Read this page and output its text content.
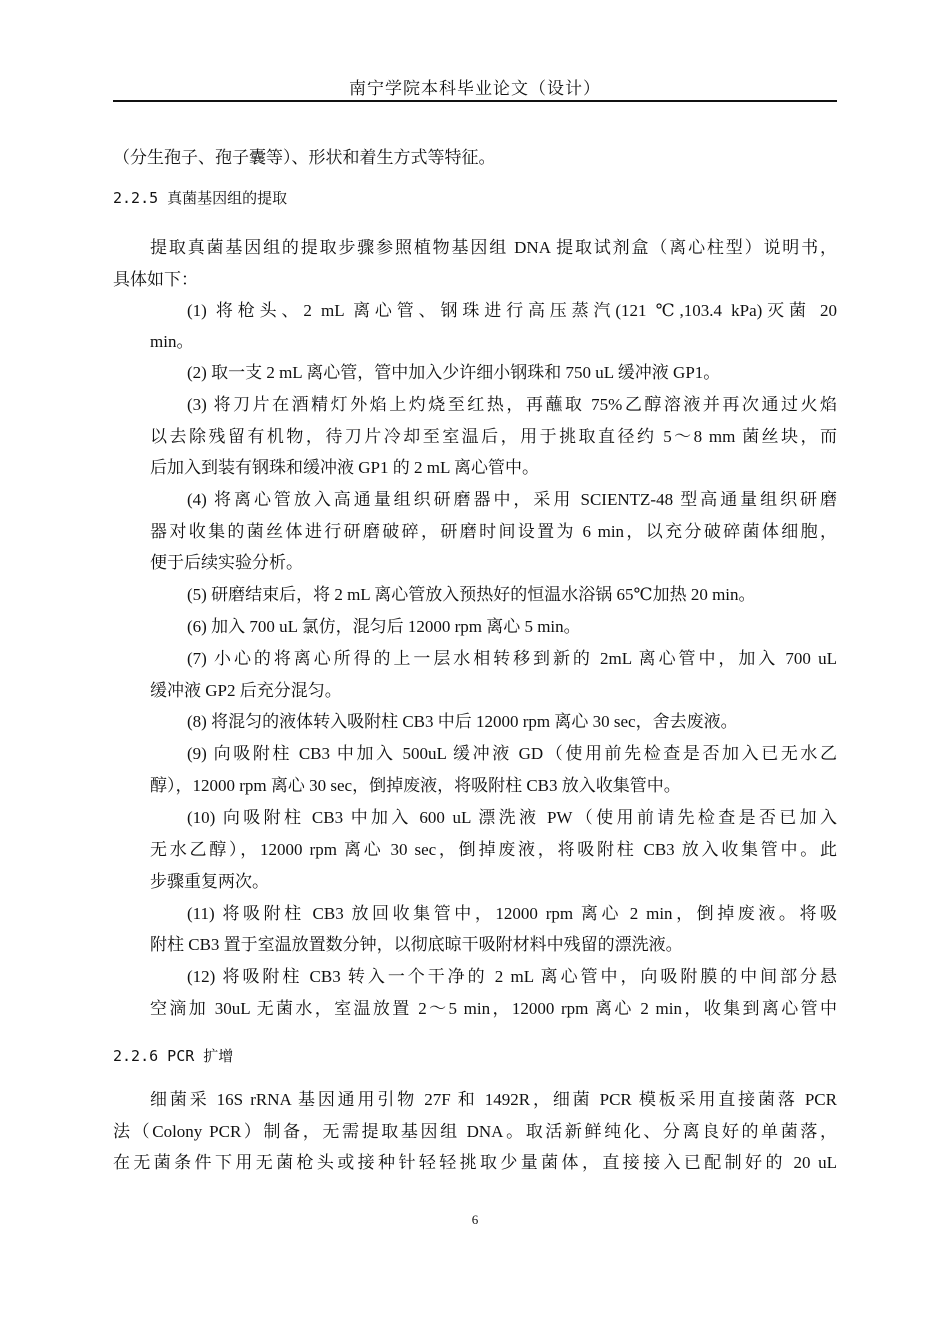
南宁学院本科毕业论文（设计）
（分生孢子、孢子囊等）、形状和着生方式等特征。
2.2.5 真菌基因组的提取
提取真菌基因组的提取步骤参照植物基因组 DNA 提取试剂盒（离心柱型）说明书，
具体如下：
(1) 将枪头、2 mL 离心管、钢珠进行高压蒸汽(121 ℃,103.4 kPa)灭菌 20
min。
(2) 取一支 2 mL 离心管，管中加入少许细小钢珠和 750 uL 缓冲液 GP1。
(3) 将刀片在酒精灯外焰上灼烧至红热，再蘸取 75%乙醇溶液并再次通过火焰
以去除残留有机物，待刀片冷却至室温后，用于挑取直径约 5～8 mm 菌丝块，而
后加入到装有钢珠和缓冲液 GP1 的 2 mL 离心管中。
(4) 将离心管放入高通量组织研磨器中，采用 SCIENTZ-48 型高通量组织研磨
器对收集的菌丝体进行研磨破碎，研磨时间设置为 6 min，以充分破碎菌体细胞，
便于后续实验分析。
(5) 研磨结束后，将 2 mL 离心管放入预热好的恒温水浴锅 65℃加热 20 min。
(6) 加入 700 uL 氯仿，混匀后 12000 rpm 离心 5 min。
(7) 小心的将离心所得的上一层水相转移到新的 2mL 离心管中，加入 700 uL
缓冲液 GP2 后充分混匀。
(8) 将混匀的液体转入吸附柱 CB3 中后 12000 rpm 离心 30 sec，舍去废液。
(9) 向吸附柱 CB3 中加入 500uL 缓冲液 GD（使用前先检查是否加入已无水乙
醇），12000 rpm 离心 30 sec，倒掉废液，将吸附柱 CB3 放入收集管中。
(10) 向吸附柱 CB3 中加入 600 uL 漂洗液 PW（使用前请先检查是否已加入
无水乙醇），12000 rpm 离心 30 sec，倒掉废液，将吸附柱 CB3 放入收集管中。此
步骤重复两次。
(11) 将吸附柱 CB3 放回收集管中，12000 rpm 离心 2 min，倒掉废液。将吸
附柱 CB3 置于室温放置数分钟，以彻底晾干吸附材料中残留的漂洗液。
(12) 将吸附柱 CB3 转入一个干净的 2 mL 离心管中，向吸附膜的中间部分悬
空滴加 30uL 无菌水，室温放置 2～5 min，12000 rpm 离心 2 min，收集到离心管中
2.2.6 PCR 扩增
细菌采 16S rRNA 基因通用引物 27F 和 1492R，细菌 PCR 模板采用直接菌落 PCR
法（Colony PCR）制备，无需提取基因组 DNA。取活新鲜纯化、分离良好的单菌落，
在无菌条件下用无菌枪头或接种针轻轻挑取少量菌体，直接接入已配制好的 20 uL
6
